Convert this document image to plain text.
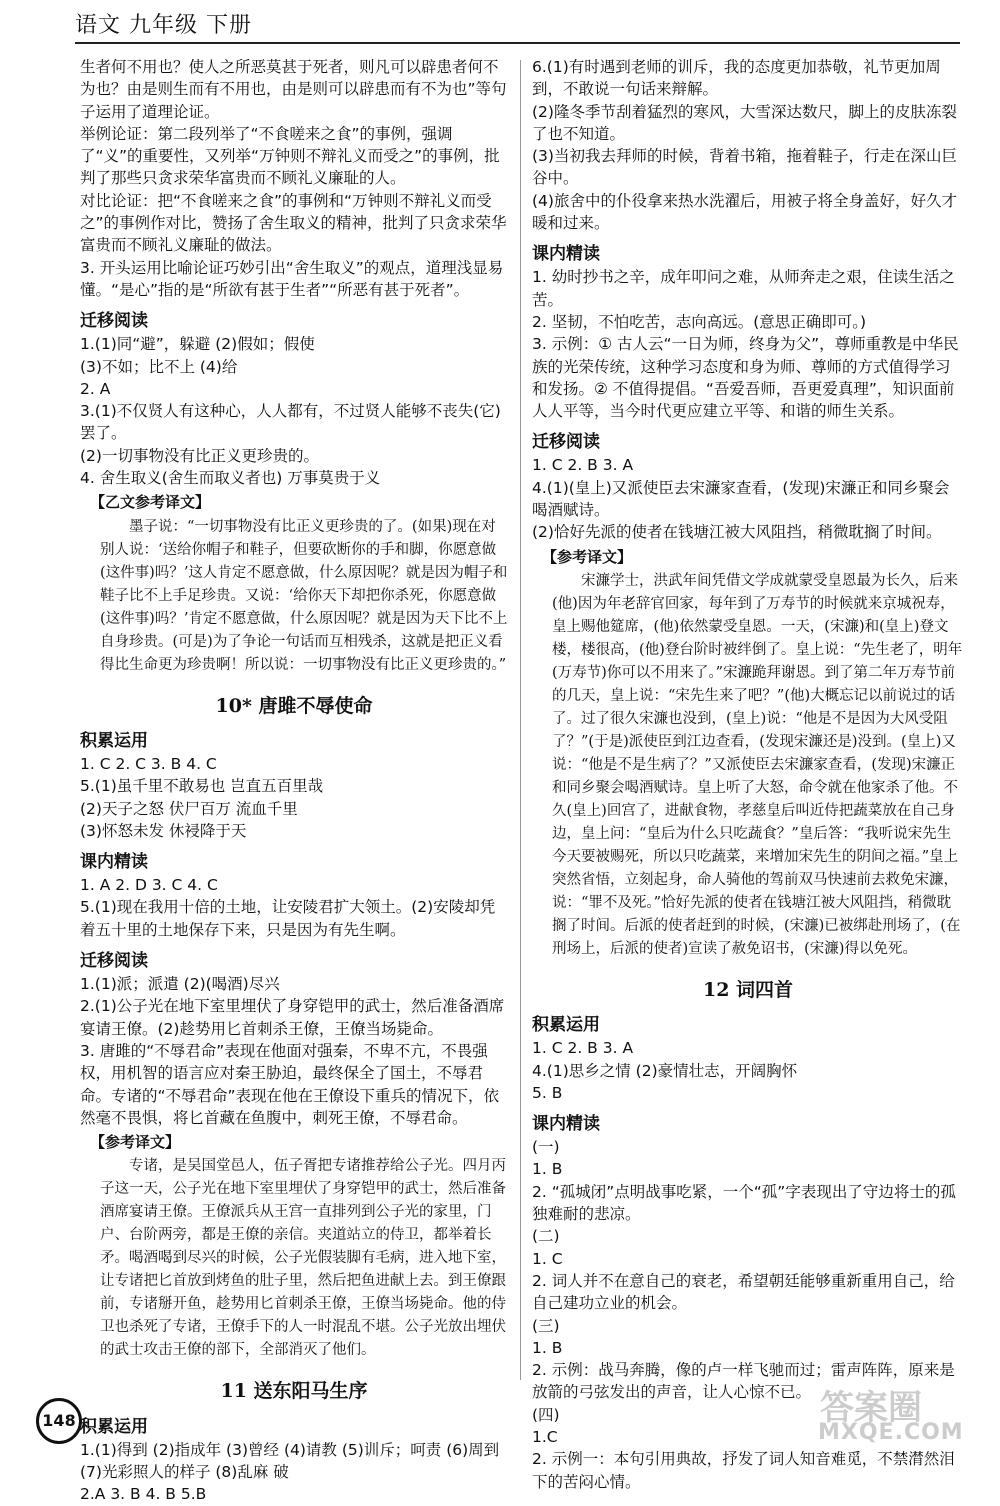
语文 九年级 下册
生者何不用也？使人之所恶莫甚于死者，则凡可以辟患者何不为也？由是则生而有不用也，由是则可以辟患而有不为也”等句子运用了道理论证。
举例论证：第二段列举了“不食嗟来之食”的事例，强调了“义”的重要性，又列举“万钟则不辩礼义而受之”的事例，批判了那些只贪求荣华富贵而不顾礼义廉耻的人。
对比论证：把“不食嗟来之食”的事例和“万钟则不辩礼义而受之”的事例作对比，赞扬了舍生取义的精神，批判了只贪求荣华富贵而不顾礼义廉耻的做法。
3. 开头运用比喻论证巧妙引出“舍生取义”的观点，道理浅显易懂。“是心”指的是“所欲有甚于生者”“所恶有甚于死者”。
迁移阅读
1.(1)同“避”，躲避 (2)假如；假使
(3)不如；比不上 (4)给
2. A
3.(1)不仅贤人有这种心，人人都有，不过贤人能够不丧失(它)罢了。
(2)一切事物没有比正义更珍贵的。
4. 舍生取义(舍生而取义者也) 万事莫贵于义
【乙文参考译文】
墨子说：“一切事物没有比正义更珍贵的了。(如果)现在对别人说：‘送给你帽子和鞋子，但要砍断你的手和脚，你愿意做(这件事)吗？’这人肯定不愿意做，什么原因呢？就是因为帽子和鞋子比不上手足珍贵。又说：‘给你天下却把你杀死，你愿意做(这件事)吗？’肯定不愿意做，什么原因呢？就是因为天下比不上自身珍贵。(可是)为了争论一句话而互相残杀，这就是把正义看得比生命更为珍贵啊！所以说：一切事物没有比正义更珍贵的。”
10* 唐雎不辱使命
积累运用
1. C 2. C 3. B 4. C
5.(1)虽千里不敢易也 岂直五百里哉
(2)天子之怒 伏尸百万 流血千里
(3)怀怒未发 休祲降于天
课内精读
1. A 2. D 3. C 4. C
5.(1)现在我用十倍的土地，让安陵君扩大领土。(2)安陵却凭着五十里的土地保存下来，只是因为有先生啊。
迁移阅读
1.(1)派；派遣 (2)(喝酒)尽兴
2.(1)公子光在地下室里埋伏了身穿铠甲的武士，然后准备酒席宴请王僚。(2)趁势用匕首刺杀王僚，王僚当场毙命。
3. 唐雎的“不辱君命”表现在他面对强秦，不卑不亢，不畏强权，用机智的语言应对秦王胁迫，最终保全了国土，不辱君命。专诸的“不辱君命”表现在他在王僚设下重兵的情况下，依然毫不畏惧，将匕首藏在鱼腹中，刺死王僚，不辱君命。
【参考译文】
专诸，是吴国堂邑人，伍子胥把专诸推荐给公子光。四月丙子这一天，公子光在地下室里埋伏了身穿铠甲的武士，然后准备酒席宴请王僚。王僚派兵从王宫一直排列到公子光的家里，门户、台阶两旁，都是王僚的亲信。夹道站立的侍卫，都举着长矛。喝酒喝到尽兴的时候，公子光假装脚有毛病，进入地下室，让专诸把匕首放到烤鱼的肚子里，然后把鱼进献上去。到王僚跟前，专诸掰开鱼，趁势用匕首刺杀王僚，王僚当场毙命。他的侍卫也杀死了专诸，王僚手下的人一时混乱不堪。公子光放出埋伏的武士攻击王僚的部下，全部消灭了他们。
11 送东阳马生序
积累运用
1.(1)得到 (2)指成年 (3)曾经 (4)请教 (5)训斥；呵责 (6)周到 (7)光彩照人的样子 (8)乱麻 破
2.A 3. B 4. B 5.B
6.(1)有时遇到老师的训斥，我的态度更加恭敬，礼节更加周到，不敢说一句话来辩解。
(2)隆冬季节刮着猛烈的寒风，大雪深达数尺，脚上的皮肤冻裂了也不知道。
(3)当初我去拜师的时候，背着书箱，拖着鞋子，行走在深山巨谷中。
(4)旅舍中的仆役拿来热水洗濯后，用被子将全身盖好，好久才暖和过来。
课内精读
1. 幼时抄书之辛，成年叩问之难，从师奔走之艰，住读生活之苦。
2. 坚韧，不怕吃苦，志向高远。(意思正确即可。)
3. 示例：① 古人云“一日为师，终身为父”，尊师重教是中华民族的光荣传统，这种学习态度和身为师、尊师的方式值得学习和发扬。② 不值得提倡。“吾爱吾师，吾更爱真理”，知识面前人人平等，当今时代更应建立平等、和谐的师生关系。
迁移阅读
1. C 2. B 3. A
4.(1)(皇上)又派使臣去宋濂家查看，(发现)宋濂正和同乡聚会喝酒赋诗。
(2)恰好先派的使者在钱塘江被大风阻挡，稍微耽搁了时间。
【参考译文】
宋濂学士，洪武年间凭借文学成就蒙受皇恩最为长久，后来(他)因为年老辞官回家，每年到了万寿节的时候就来京城祝寿，皇上赐他筵席，(他)依然蒙受皇恩。一天，(宋濂)和(皇上)登文楼，楼很高，(他)登台阶时被绊倒了。皇上说：“先生老了，明年(万寿节)你可以不用来了。”宋濂跪拜谢恩。到了第二年万寿节前的几天，皇上说：“宋先生来了吧？”(他)大概忘记以前说过的话了。过了很久宋濂也没到，(皇上)说：“他是不是因为大风受阻了？”(于是)派使臣到江边查看，(发现宋濂还是)没到。(皇上)又说：“他是不是生病了？”又派使臣去宋濂家查看，(发现)宋濂正和同乡聚会喝酒赋诗。皇上听了大怒，命令就在他家杀了他。不久(皇上)回宫了，进献食物，孝慈皇后叫近侍把蔬菜放在自己身边，皇上问：“皇后为什么只吃蔬食？”皇后答：“我听说宋先生今天要被赐死，所以只吃蔬菜，来增加宋先生的阴间之福。”皇上突然省悟，立刻起身，命人骑他的驾前双马快速前去救免宋濂，说：“罪不及死。”恰好先派的使者在钱塘江被大风阻挡，稍微耽搁了时间。后派的使者赶到的时候，(宋濂)已被绑赴刑场了，(在刑场上，后派的使者)宣读了赦免诏书，(宋濂)得以免死。
12 词四首
积累运用
1. C 2. B 3. A
4.(1)思乡之情 (2)豪情壮志，开阔胸怀
5. B
课内精读
(一)
1. B
2. “孤城闭”点明战事吃紧，一个“孤”字表现出了守边将士的孤独难耐的悲凉。
(二)
1. C
2. 词人并不在意自己的衰老，希望朝廷能够重新重用自己，给自己建功立业的机会。
(三)
1. B
2. 示例：战马奔腾，像的卢一样飞驰而过；雷声阵阵，原来是放箭的弓弦发出的声音，让人心惊不已。
(四)
1.C
2. 示例一：本句引用典故，抒发了词人知音难觅，不禁潸然泪下的苦闷心情。
148	答案圈
MXQE.COM
